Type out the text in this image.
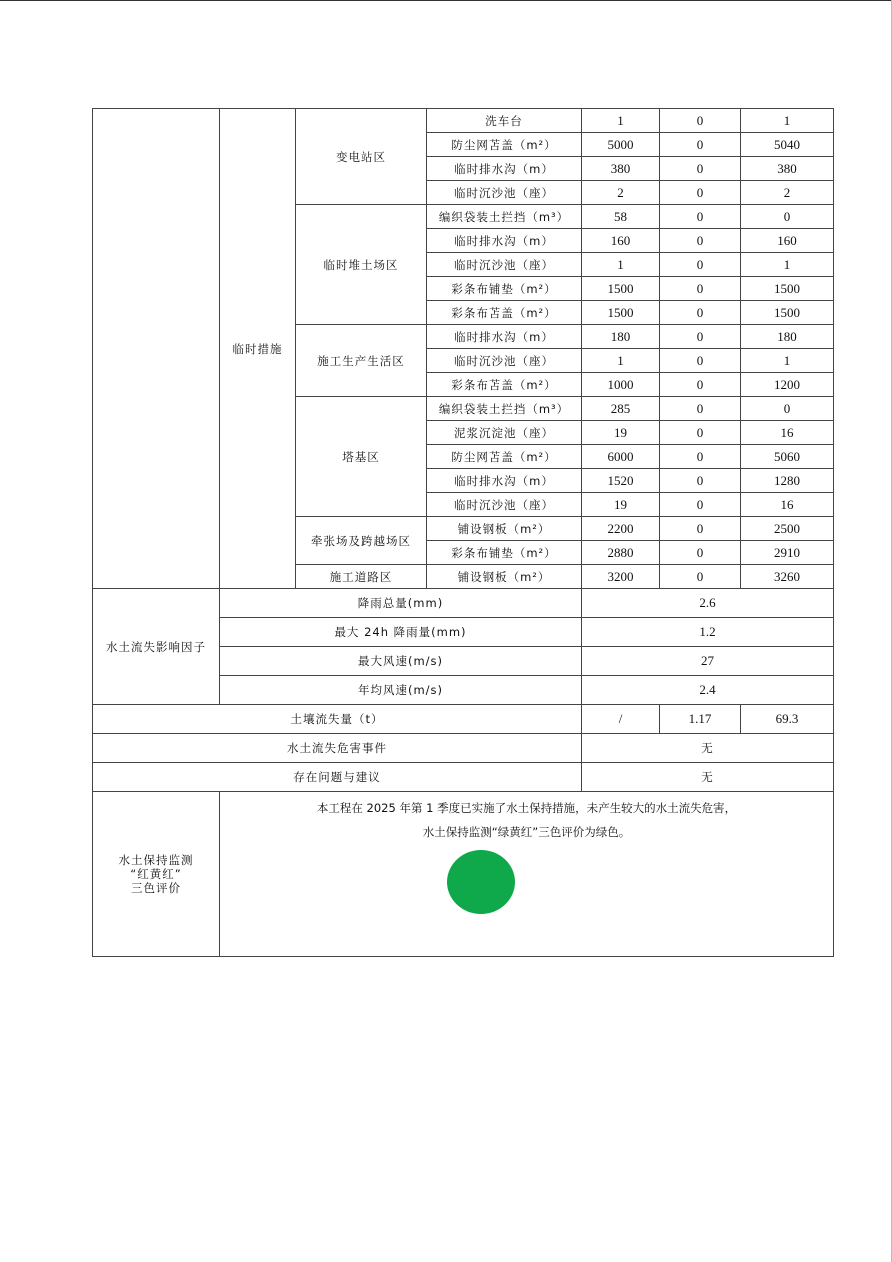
	临时措施	变电站区	洗车台	1	0	1
			防尘网苫盖（m²）	5000	0	5040
			临时排水沟（m）	380	0	380
			临时沉沙池（座）	2	0	2
		临时堆土场区	编织袋装土拦挡（m³）	58	0	0
			临时排水沟（m）	160	0	160
			临时沉沙池（座）	1	0	1
			彩条布铺垫（m²）	1500	0	1500
			彩条布苫盖（m²）	1500	0	1500
		施工生产生活区	临时排水沟（m）	180	0	180
			临时沉沙池（座）	1	0	1
			彩条布苫盖（m²）	1000	0	1200
		塔基区	编织袋装土拦挡（m³）	285	0	0
			泥浆沉淀池（座）	19	0	16
			防尘网苫盖（m²）	6000	0	5060
			临时排水沟（m）	1520	0	1280
			临时沉沙池（座）	19	0	16
		牵张场及跨越场区	铺设钢板（m²）	2200	0	2500
			彩条布铺垫（m²）	2880	0	2910
		施工道路区	铺设钢板（m²）	3200	0	3260
水土流失影响因子	降雨总量(mm)			2.6		
	最大 24h 降雨量(mm)			1.2		
	最大风速(m/s)			27		
	年均风速(m/s)			2.4		
土壤流失量（t）				/	1.17	69.3
水土流失危害事件				无		
存在问题与建议				无		
水土保持监测
“红黄红”
三色评价	本工程在 2025 年第 1 季度已实施了水土保持措施，未产生较大的水土流失危害，
水土保持监测“绿黄红”三色评价为绿色。					
